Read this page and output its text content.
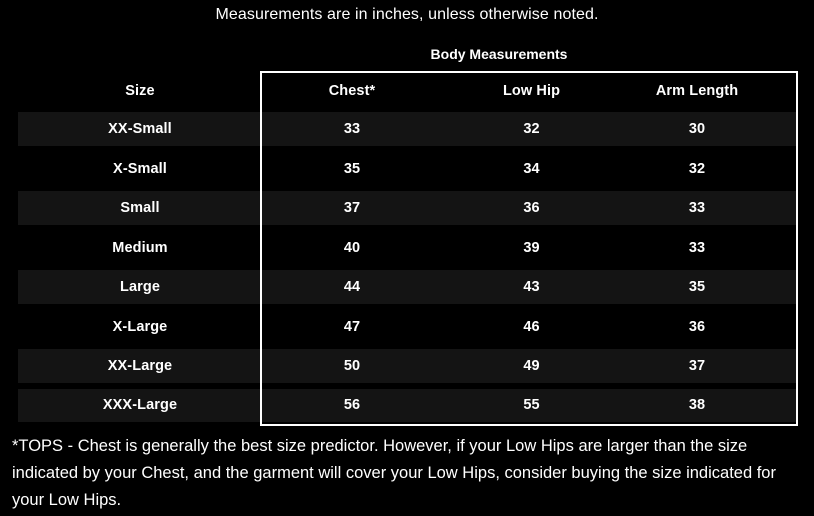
Measurements are in inches, unless otherwise noted.
Body Measurements
Size	Chest*	Low Hip	Arm Length
XX-Small	33	32	30
X-Small	35	34	32
Small	37	36	33
Medium	40	39	33
Large	44	43	35
X-Large	47	46	36
XX-Large	50	49	37
XXX-Large	56	55	38
*TOPS - Chest is generally the best size predictor. However, if your Low Hips are larger than the size indicated by your Chest, and the garment will cover your Low Hips, consider buying the size indicated for your Low Hips.
